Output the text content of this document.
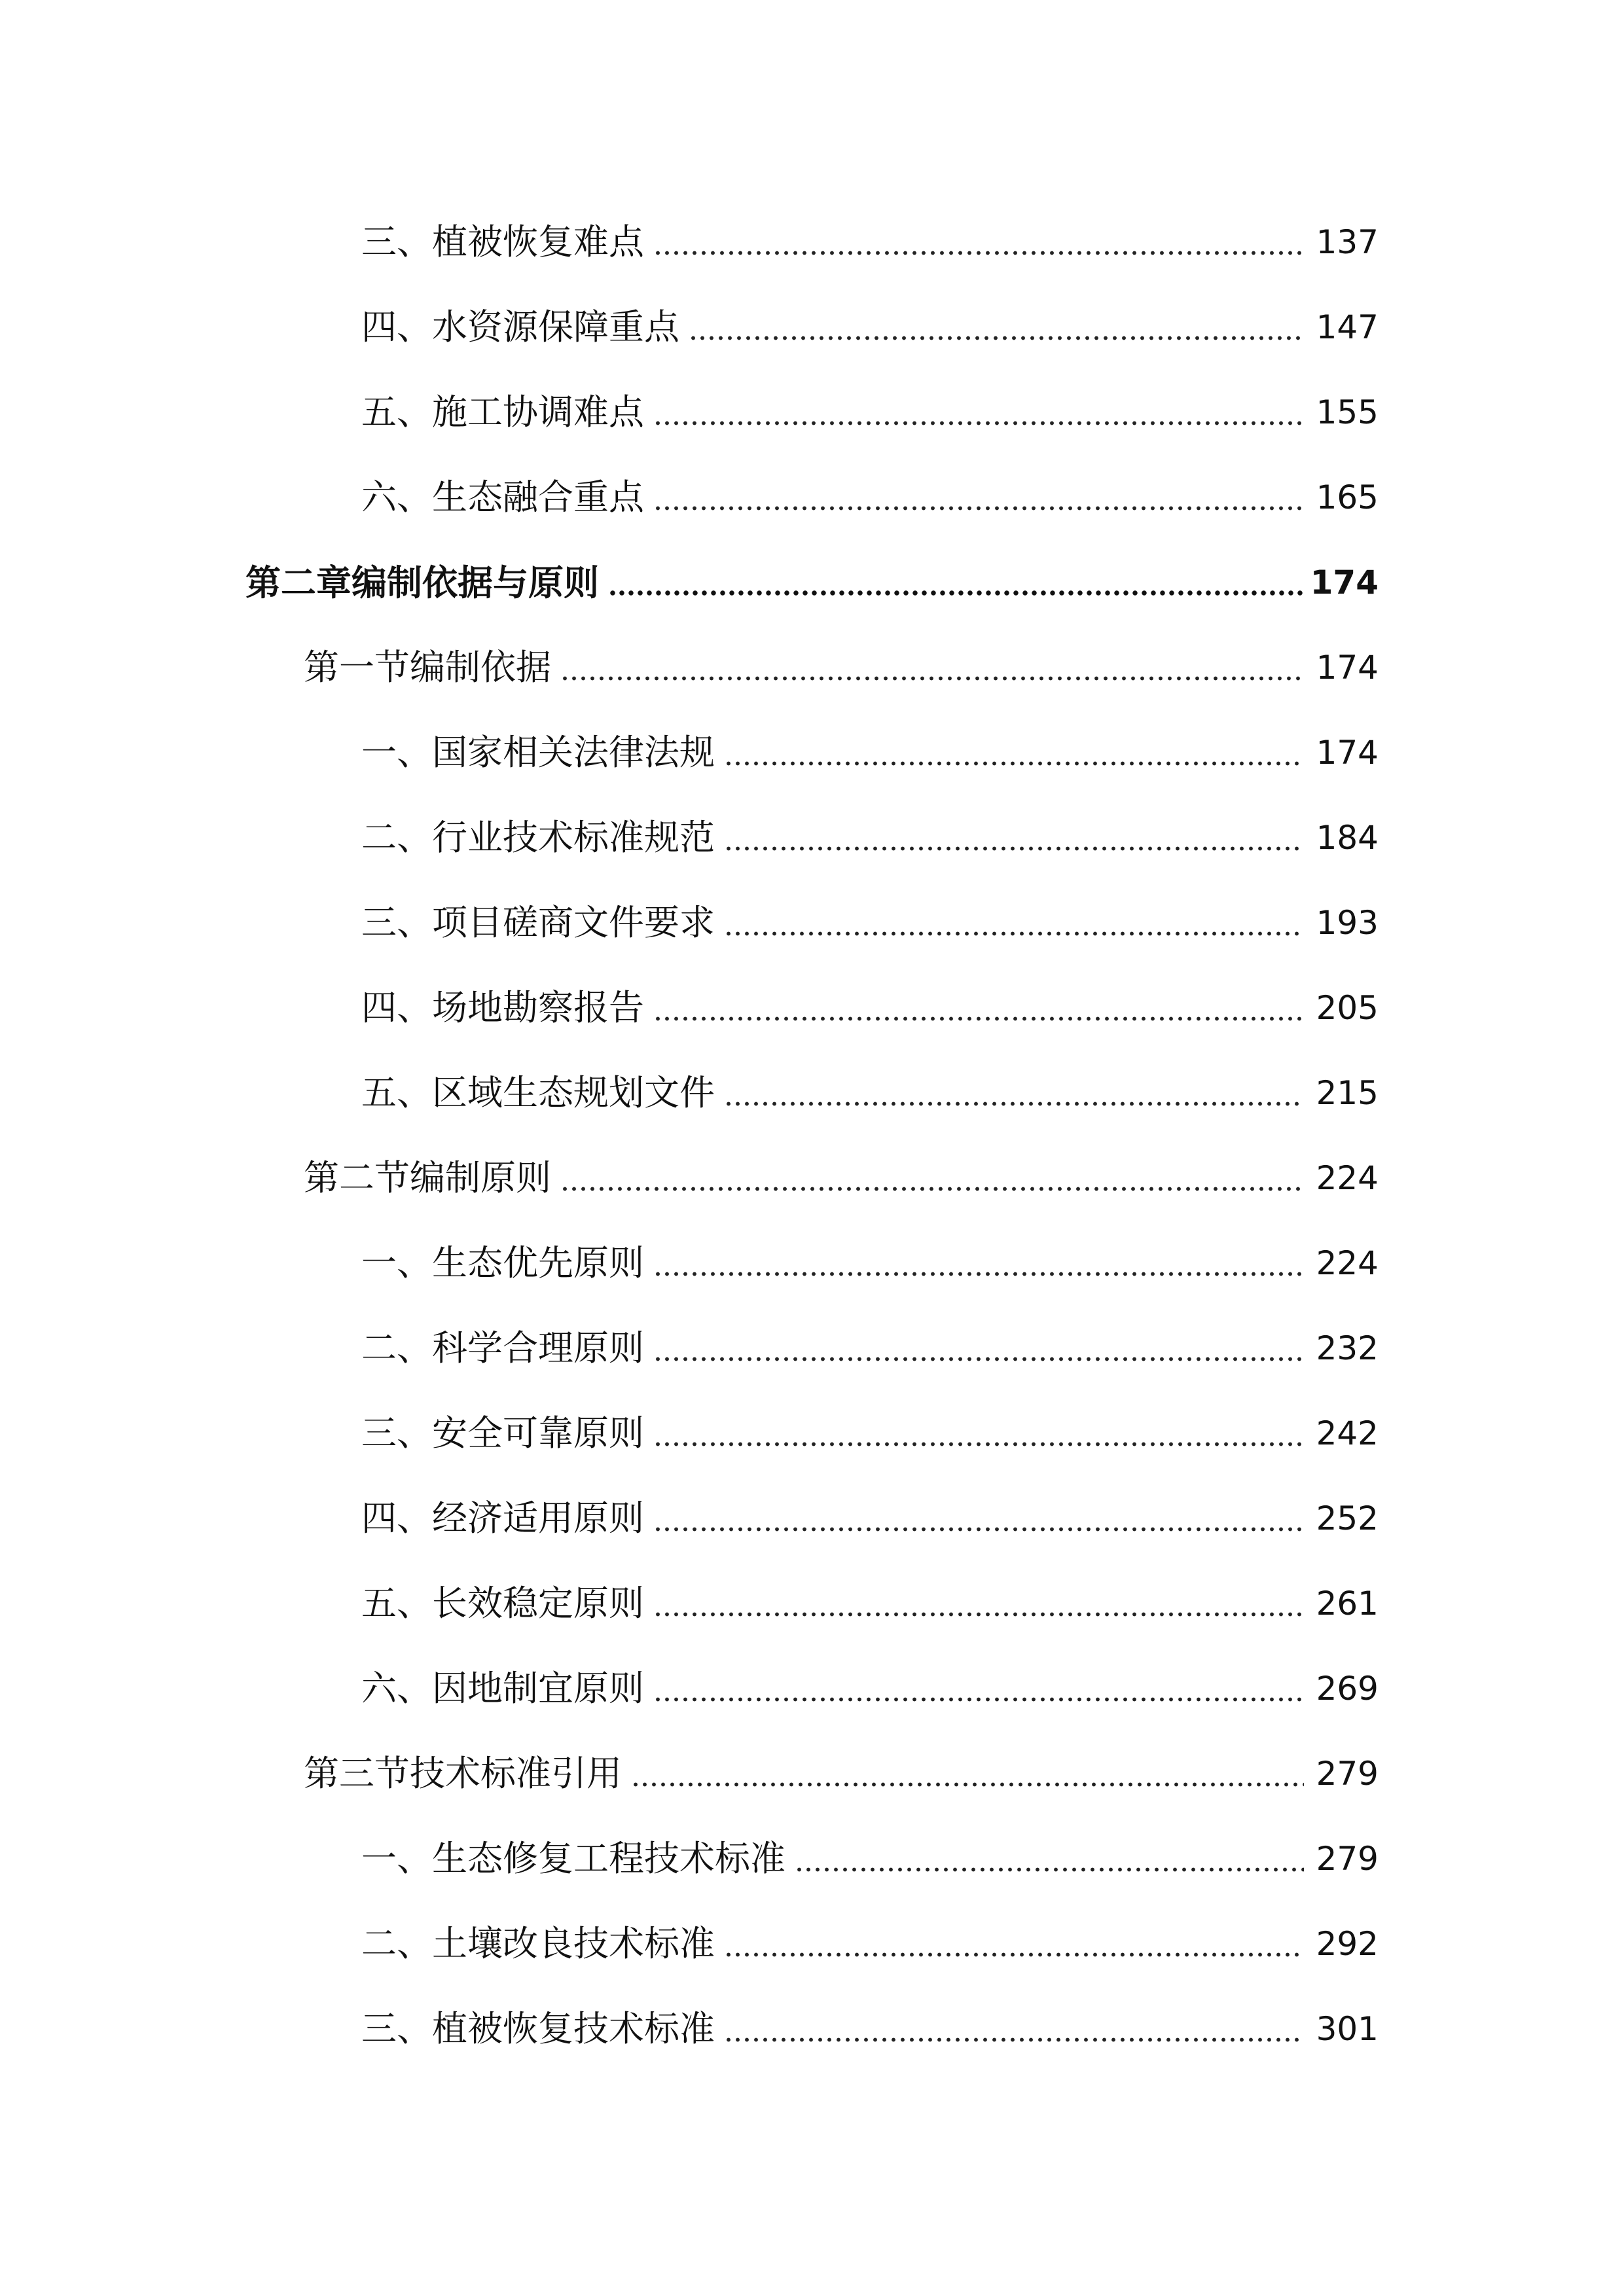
三、植被恢复难点	137
四、水资源保障重点	147
五、施工协调难点	155
六、生态融合重点	165
第二章编制依据与原则	174
第一节编制依据	174
一、国家相关法律法规	174
二、行业技术标准规范	184
三、项目磋商文件要求	193
四、场地勘察报告	205
五、区域生态规划文件	215
第二节编制原则	224
一、生态优先原则	224
二、科学合理原则	232
三、安全可靠原则	242
四、经济适用原则	252
五、长效稳定原则	261
六、因地制宜原则	269
第三节技术标准引用	279
一、生态修复工程技术标准	279
二、土壤改良技术标准	292
三、植被恢复技术标准	301
